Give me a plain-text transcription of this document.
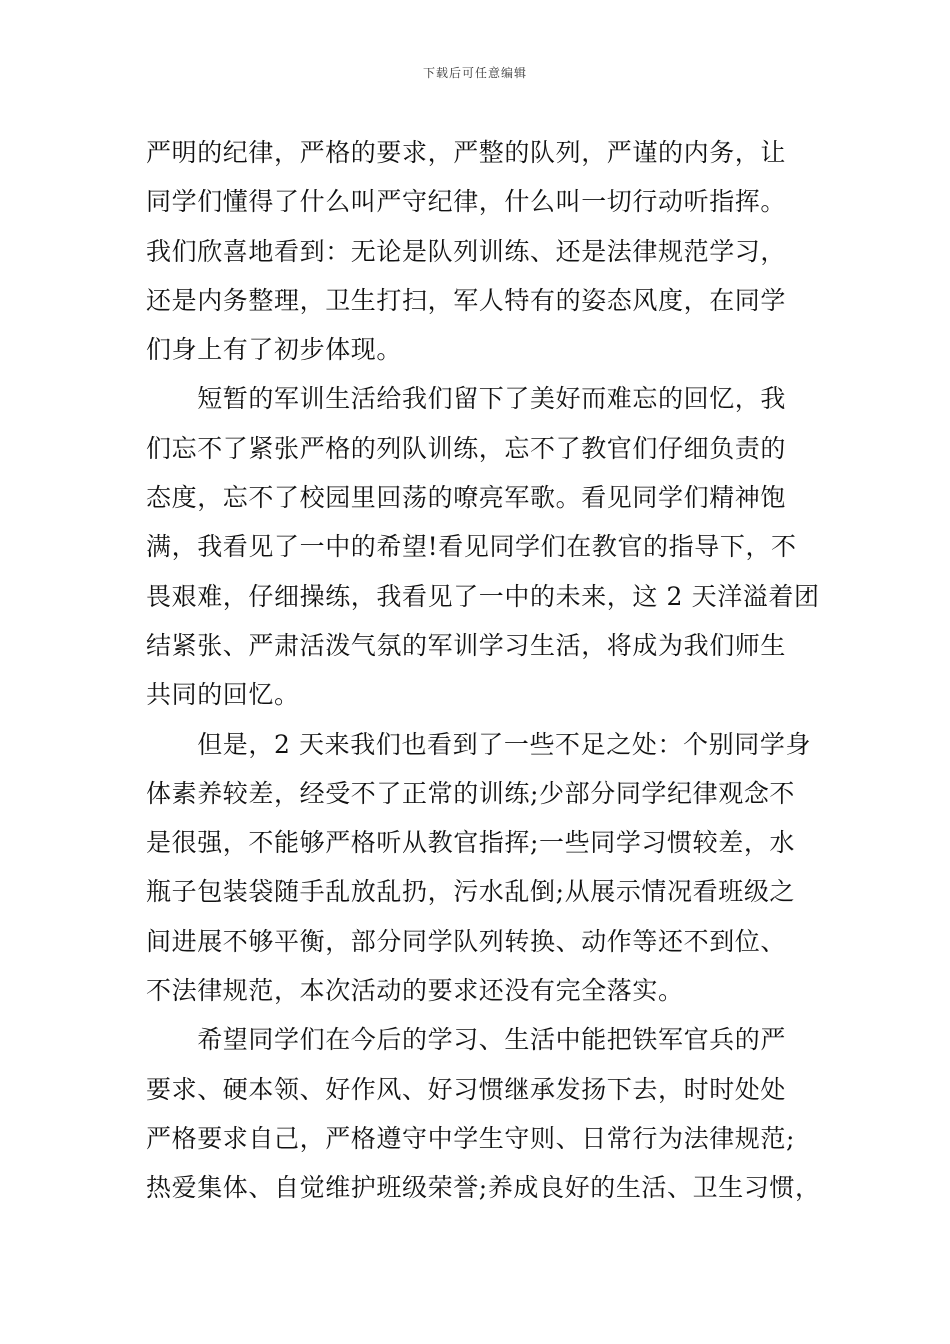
下载后可任意编辑
严明的纪律，严格的要求，严整的队列，严谨的内务，让
同学们懂得了什么叫严守纪律，什么叫一切行动听指挥。
我们欣喜地看到：无论是队列训练、还是法律规范学习，
还是内务整理，卫生打扫，军人特有的姿态风度，在同学
们身上有了初步体现。
　　短暂的军训生活给我们留下了美好而难忘的回忆，我
们忘不了紧张严格的列队训练，忘不了教官们仔细负责的
态度，忘不了校园里回荡的嘹亮军歌。看见同学们精神饱
满，我看见了一中的希望!看见同学们在教官的指导下，不
畏艰难，仔细操练，我看见了一中的未来，这 2 天洋溢着团
结紧张、严肃活泼气氛的军训学习生活，将成为我们师生
共同的回忆。
　　但是，2 天来我们也看到了一些不足之处：个别同学身
体素养较差，经受不了正常的训练;少部分同学纪律观念不
是很强，不能够严格听从教官指挥;一些同学习惯较差，水
瓶子包装袋随手乱放乱扔，污水乱倒;从展示情况看班级之
间进展不够平衡，部分同学队列转换、动作等还不到位、
不法律规范，本次活动的要求还没有完全落实。
　　希望同学们在今后的学习、生活中能把铁军官兵的严
要求、硬本领、好作风、好习惯继承发扬下去，时时处处
严格要求自己，严格遵守中学生守则、日常行为法律规范;
热爱集体、自觉维护班级荣誉;养成良好的生活、卫生习惯，
